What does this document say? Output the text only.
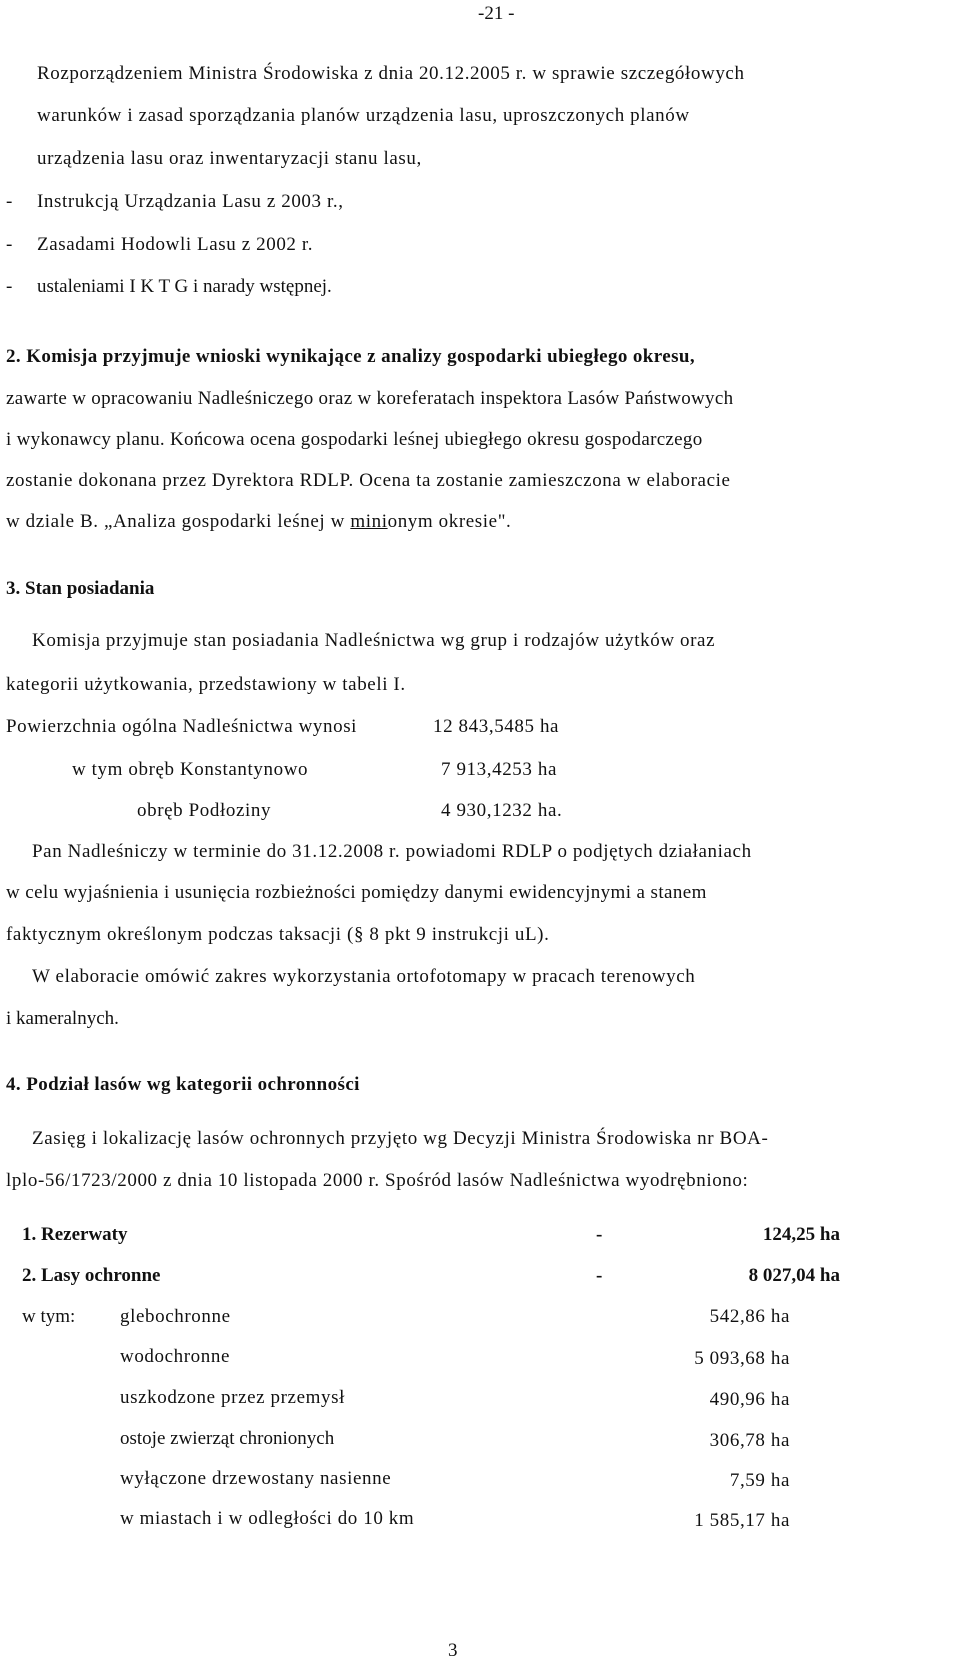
-21 -
Rozporządzeniem Ministra Środowiska z dnia 20.12.2005 r. w sprawie szczegółowych
warunków i zasad sporządzania planów urządzenia lasu, uproszczonych planów
urządzenia lasu oraz inwentaryzacji stanu lasu,
- Instrukcją Urządzania Lasu z 2003 r.,
- Zasadami Hodowli Lasu z 2002 r.
- ustaleniami I K T G i narady wstępnej.
2. Komisja przyjmuje wnioski wynikające z analizy gospodarki ubiegłego okresu,
zawarte w opracowaniu Nadleśniczego oraz w koreferatach inspektora Lasów Państwowych
i wykonawcy planu. Końcowa ocena gospodarki leśnej ubiegłego okresu gospodarczego
zostanie dokonana przez Dyrektora RDLP. Ocena ta zostanie zamieszczona w elaboracie
w dziale B. „Analiza gospodarki leśnej w minionym okresie".
3. Stan posiadania
Komisja przyjmuje stan posiadania Nadleśnictwa wg grup i rodzajów użytków oraz
kategorii użytkowania, przedstawiony w tabeli I.
Powierzchnia ogólna Nadleśnictwa wynosi	12 843,5485 ha
w tym obręb Konstantynowo	7 913,4253 ha
obręb Podłoziny	4 930,1232 ha.
Pan Nadleśniczy w terminie do 31.12.2008 r. powiadomi RDLP o podjętych działaniach
w celu wyjaśnienia i usunięcia rozbieżności pomiędzy danymi ewidencyjnymi a stanem
faktycznym określonym podczas taksacji (§ 8 pkt 9 instrukcji uL).
W elaboracie omówić zakres wykorzystania ortofotomapy w pracach terenowych
i kameralnych.
4. Podział lasów wg kategorii ochronności
Zasięg i lokalizację lasów ochronnych przyjęto wg Decyzji Ministra Środowiska nr BOA-
lplo-56/1723/2000 z dnia 10 listopada 2000 r. Spośród lasów Nadleśnictwa wyodrębniono:
1. Rezerwaty	-	124,25 ha
2. Lasy ochronne	-	8 027,04 ha
w tym: glebochronne	542,86 ha
wodochronne	5 093,68 ha
uszkodzone przez przemysł	490,96 ha
ostoje zwierząt chronionych	306,78 ha
wyłączone drzewostany nasienne	7,59 ha
w miastach i w odległości do 10 km	1 585,17 ha
3
